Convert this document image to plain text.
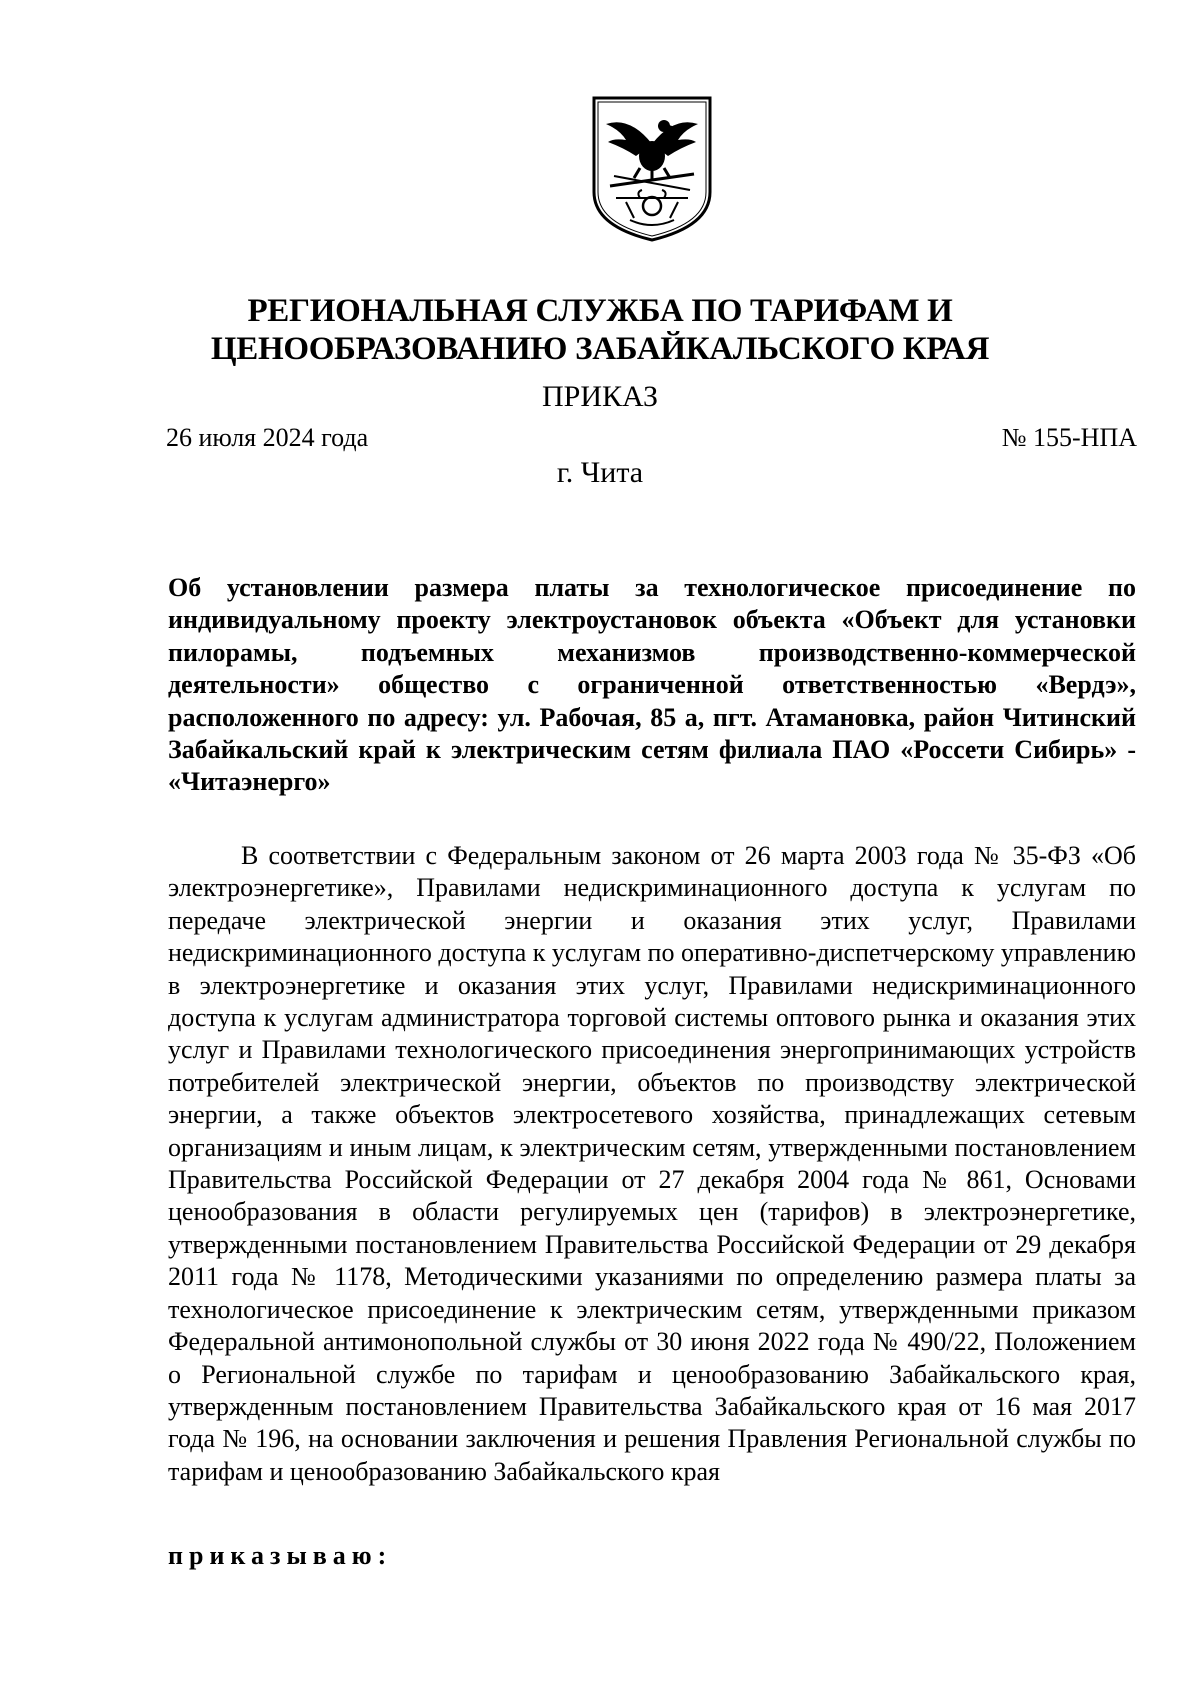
РЕГИОНАЛЬНАЯ СЛУЖБА ПО ТАРИФАМ И ЦЕНООБРАЗОВАНИЮ ЗАБАЙКАЛЬСКОГО КРАЯ
ПРИКАЗ
26 июля 2024 года	№ 155-НПА
г. Чита
Об установлении размера платы за технологическое присоединение по индивидуальному проекту электроустановок объекта «Объект для установки пилорамы, подъемных механизмов производственно-коммерческой деятельности» общество с ограниченной ответственностью «Вердэ», расположенного по адресу: ул. Рабочая, 85 а, пгт. Атамановка, район Читинский Забайкальский край к электрическим сетям филиала ПАО «Россети Сибирь» - «Читаэнерго»
В соответствии с Федеральным законом от 26 марта 2003 года № 35-ФЗ «Об электроэнергетике», Правилами недискриминационного доступа к услугам по передаче электрической энергии и оказания этих услуг, Правилами недискриминационного доступа к услугам по оперативно-диспетчерскому управлению в электроэнергетике и оказания этих услуг, Правилами недискриминационного доступа к услугам администратора торговой системы оптового рынка и оказания этих услуг и Правилами технологического присоединения энергопринимающих устройств потребителей электрической энергии, объектов по производству электрической энергии, а также объектов электросетевого хозяйства, принадлежащих сетевым организациям и иным лицам, к электрическим сетям, утвержденными постановлением Правительства Российской Федерации от 27 декабря 2004 года № 861, Основами ценообразования в области регулируемых цен (тарифов) в электроэнергетике, утвержденными постановлением Правительства Российской Федерации от 29 декабря 2011 года № 1178, Методическими указаниями по определению размера платы за технологическое присоединение к электрическим сетям, утвержденными приказом Федеральной антимонопольной службы от 30 июня 2022 года № 490/22, Положением о Региональной службе по тарифам и ценообразованию Забайкальского края, утвержденным постановлением Правительства Забайкальского края от 16 мая 2017 года № 196, на основании заключения и решения Правления Региональной службы по тарифам и ценообразованию Забайкальского края
приказываю:
